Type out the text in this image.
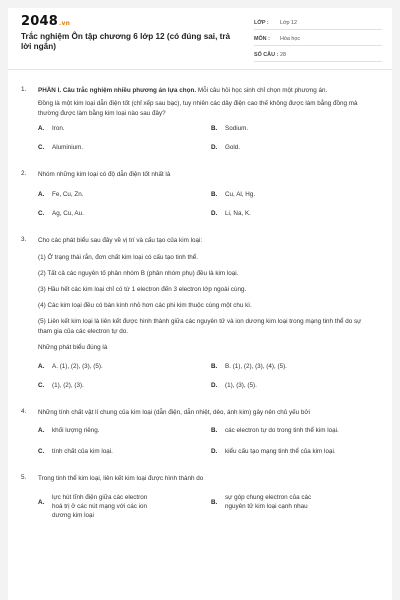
2048.vn
Trắc nghiệm Ôn tập chương 6 lớp 12 (có đúng sai, trả lời ngắn)
LỚP :	Lớp 12
MÔN :	Hóa học
SỐ CÂU : 28
1. PHẦN I. Câu trắc nghiệm nhiều phương án lựa chọn. Mỗi câu hỏi học sinh chỉ chọn một phương án.
Đồng là một kim loại dẫn điện tốt (chỉ xếp sau bạc), tuy nhiên các dây điện cao thế không được làm bằng đồng mà thường được làm bằng kim loại nào sau đây?
A. Iron.	B. Sodium.
C. Aluminium.	D. Gold.
2. Nhóm những kim loại có độ dẫn điện tốt nhất là
A. Fe, Cu, Zn.	B. Cu, Al, Hg.
C. Ag, Cu, Au.	D. Li, Na, K.
3. Cho các phát biểu sau đây về vị trí và cấu tạo của kim loại:
(1) Ở trạng thái rắn, đơn chất kim loại có cấu tạo tinh thể.
(2) Tất cả các nguyên tố phân nhóm B (phân nhóm phụ) đều là kim loại.
(3) Hầu hết các kim loại chỉ có từ 1 electron đến 3 electron lớp ngoài cùng.
(4) Các kim loại đều có bán kính nhỏ hơn các phi kim thuộc cùng một chu kì.
(5) Liên kết kim loại là liên kết được hình thành giữa các nguyên tử và ion dương kim loại trong mạng tinh thể do sự tham gia của các electron tự do.
Những phát biểu đúng là
A. A. (1), (2), (3), (5).	B. B. (1), (2), (3), (4), (5).
C. (1), (2), (3).	D. (1), (3), (5).
4. Những tính chất vật lí chung của kim loại (dẫn điện, dẫn nhiệt, dẻo, ánh kim) gây nên chủ yếu bởi
A. khối lượng riêng.	B. các electron tự do trong tinh thể kim loại.
C. tính chất của kim loại.	D. kiểu cấu tạo mạng tinh thể của kim loại.
5. Trong tinh thể kim loại, liên kết kim loại được hình thành do
A.
lực hút tĩnh điện giữa các electron hoá trị ở các nút mạng với các ion dương kim loại
B.
sự góp chung electron của các nguyên tử kim loại cạnh nhau
